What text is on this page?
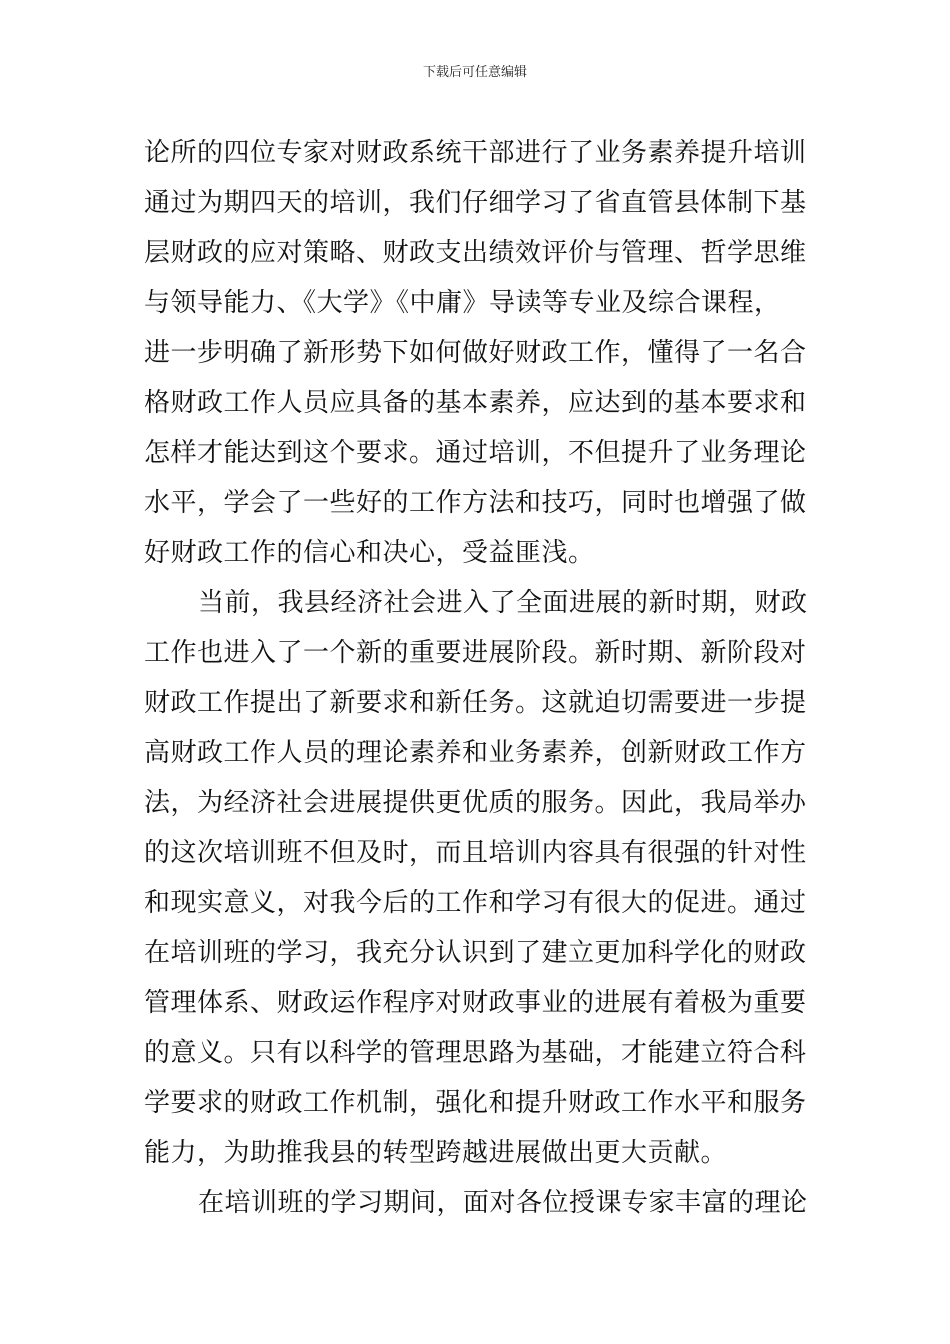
下载后可任意编辑
论所的四位专家对财政系统干部进行了业务素养提升培训
通过为期四天的培训，我们仔细学习了省直管县体制下基
层财政的应对策略、财政支出绩效评价与管理、哲学思维
与领导能力、《大学》《中庸》导读等专业及综合课程，
进一步明确了新形势下如何做好财政工作，懂得了一名合
格财政工作人员应具备的基本素养，应达到的基本要求和
怎样才能达到这个要求。通过培训，不但提升了业务理论
水平，学会了一些好的工作方法和技巧，同时也增强了做
好财政工作的信心和决心，受益匪浅。
当前，我县经济社会进入了全面进展的新时期，财政
工作也进入了一个新的重要进展阶段。新时期、新阶段对
财政工作提出了新要求和新任务。这就迫切需要进一步提
高财政工作人员的理论素养和业务素养，创新财政工作方
法，为经济社会进展提供更优质的服务。因此，我局举办
的这次培训班不但及时，而且培训内容具有很强的针对性
和现实意义，对我今后的工作和学习有很大的促进。通过
在培训班的学习，我充分认识到了建立更加科学化的财政
管理体系、财政运作程序对财政事业的进展有着极为重要
的意义。只有以科学的管理思路为基础，才能建立符合科
学要求的财政工作机制，强化和提升财政工作水平和服务
能力，为助推我县的转型跨越进展做出更大贡献。
在培训班的学习期间，面对各位授课专家丰富的理论
